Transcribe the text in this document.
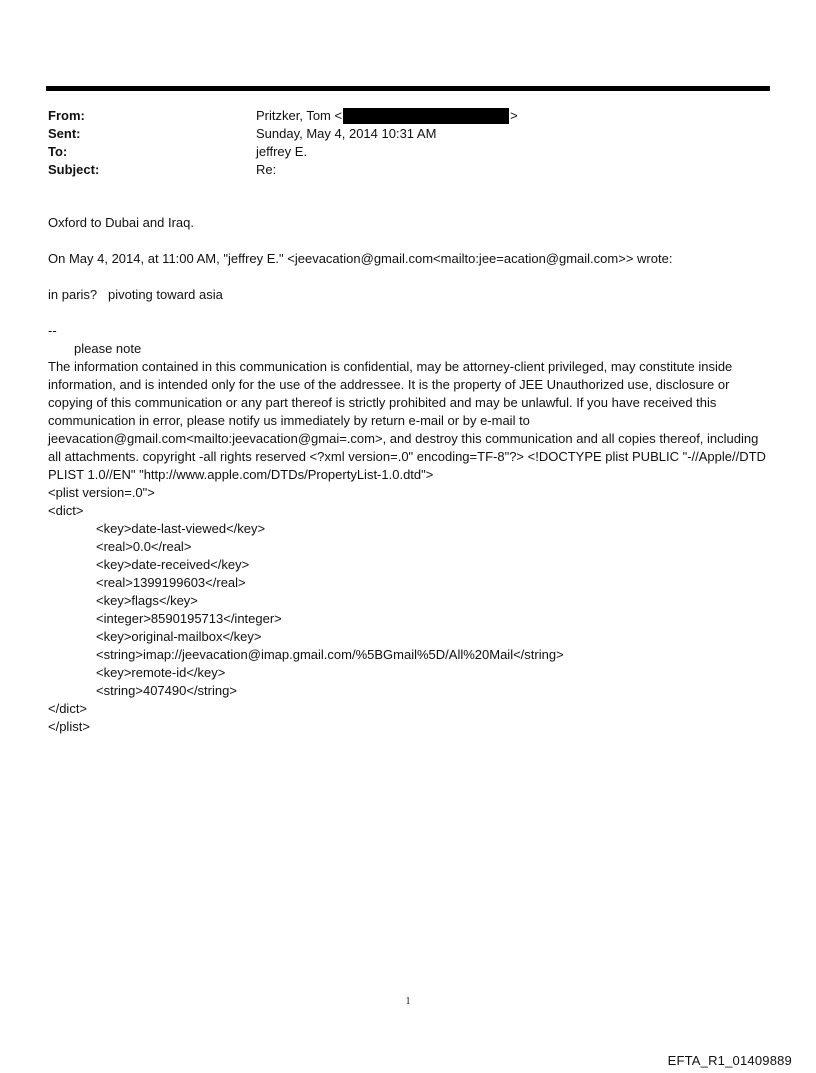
From:	Pritzker, Tom <	>
Sent:	Sunday, May 4, 2014 10:31 AM
To:	jeffrey E.
Subject:	Re:

Oxford to Dubai and Iraq.

On May 4, 2014, at 11:00 AM, "jeffrey E." <jeevacation@gmail.com<mailto:jee=acation@gmail.com>> wrote:

in paris?   pivoting toward asia

--

please note

The information contained in this communication is confidential, may be attorney-client privileged, may constitute inside information, and is intended only for the use of the addressee. It is the property of JEE Unauthorized use, disclosure or copying of this communication or any part thereof is strictly prohibited and may be unlawful. If you have received this communication in error, please notify us immediately by return e-mail or by e-mail to jeevacation@gmail.com<mailto:jeevacation@gmai=.com>, and destroy this communication and all copies thereof, including all attachments. copyright -all rights reserved <?xml version=.0" encoding=TF-8"?> <!DOCTYPE plist PUBLIC "-//Apple//DTD PLIST 1.0//EN" "http://www.apple.com/DTDs/PropertyList-1.0.dtd">

<plist version=.0">

<dict>

<key>date-last-viewed</key>

<real>0.0</real>

<key>date-received</key>

<real>1399199603</real>

<key>flags</key>

<integer>8590195713</integer>

<key>original-mailbox</key>

<string>imap://jeevacation@imap.gmail.com/%5BGmail%5D/All%20Mail</string>

<key>remote-id</key>

<string>407490</string>

</dict>

</plist>

1
EFTA_R1_01409889
